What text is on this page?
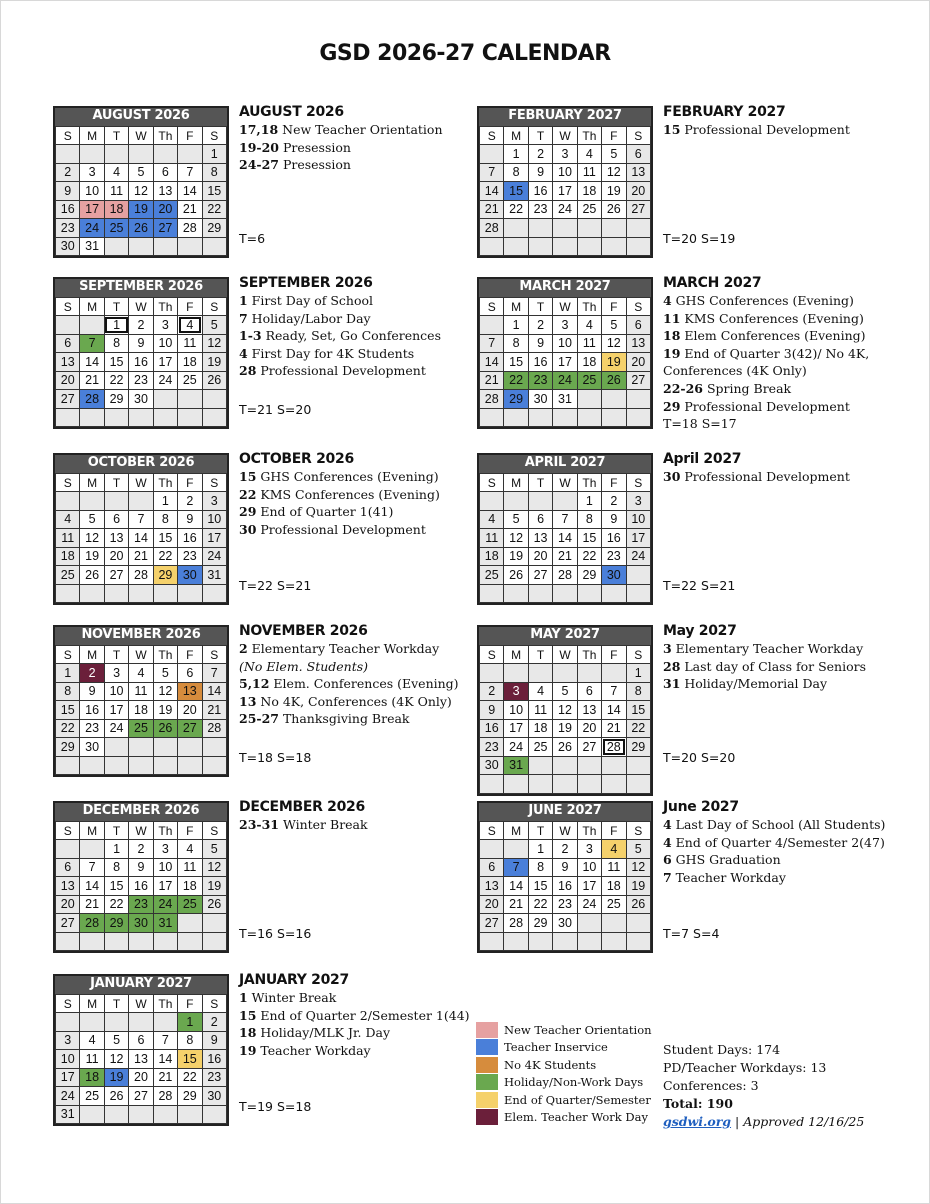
GSD 2026-27 CALENDAR
AUGUST 2026
S	M	T	W	Th	F	S
						1
2	3	4	5	6	7	8
9	10	11	12	13	14	15
16	17	18	19	20	21	22
23	24	25	26	27	28	29
30	31					
AUGUST 2026
17,18 New Teacher Orientation
19-20 Presession
24-27 Presession
T=6
SEPTEMBER 2026
S	M	T	W	Th	F	S
		1	2	3	4	5
6	7	8	9	10	11	12
13	14	15	16	17	18	19
20	21	22	23	24	25	26
27	28	29	30			

SEPTEMBER 2026
1 First Day of School
7 Holiday/Labor Day
1-3 Ready, Set, Go Conferences
4 First Day for 4K Students
28 Professional Development
T=21 S=20
OCTOBER 2026
S	M	T	W	Th	F	S
				1	2	3
4	5	6	7	8	9	10
11	12	13	14	15	16	17
18	19	20	21	22	23	24
25	26	27	28	29	30	31

OCTOBER 2026
15 GHS Conferences (Evening)
22 KMS Conferences (Evening)
29 End of Quarter 1(41)
30 Professional Development
T=22 S=21
NOVEMBER 2026
S	M	T	W	Th	F	S
1	2	3	4	5	6	7
8	9	10	11	12	13	14
15	16	17	18	19	20	21
22	23	24	25	26	27	28
29	30					

NOVEMBER 2026
2 Elementary Teacher Workday
(No Elem. Students)
5,12 Elem. Conferences (Evening)
13 No 4K, Conferences (4K Only)
25-27 Thanksgiving Break
T=18 S=18
DECEMBER 2026
S	M	T	W	Th	F	S
		1	2	3	4	5
6	7	8	9	10	11	12
13	14	15	16	17	18	19
20	21	22	23	24	25	26
27	28	29	30	31		

DECEMBER 2026
23-31 Winter Break
T=16 S=16
JANUARY 2027
S	M	T	W	Th	F	S
					1	2
3	4	5	6	7	8	9
10	11	12	13	14	15	16
17	18	19	20	21	22	23
24	25	26	27	28	29	30
31						
JANUARY 2027
1 Winter Break
15 End of Quarter 2/Semester 1(44)
18 Holiday/MLK Jr. Day
19 Teacher Workday
T=19 S=18
FEBRUARY 2027
S	M	T	W	Th	F	S
	1	2	3	4	5	6
7	8	9	10	11	12	13
14	15	16	17	18	19	20
21	22	23	24	25	26	27
28						

FEBRUARY 2027
15 Professional Development
T=20 S=19
MARCH 2027
S	M	T	W	Th	F	S
	1	2	3	4	5	6
7	8	9	10	11	12	13
14	15	16	17	18	19	20
21	22	23	24	25	26	27
28	29	30	31			

MARCH 2027
4 GHS Conferences (Evening)
11 KMS Conferences (Evening)
18 Elem Conferences (Evening)
19 End of Quarter 3(42)/ No 4K,
Conferences (4K Only)
22-26 Spring Break
29 Professional Development
T=18 S=17
APRIL 2027
S	M	T	W	Th	F	S
				1	2	3
4	5	6	7	8	9	10
11	12	13	14	15	16	17
18	19	20	21	22	23	24
25	26	27	28	29	30	

April 2027
30 Professional Development
T=22 S=21
MAY 2027
S	M	T	W	Th	F	S
						1
2	3	4	5	6	7	8
9	10	11	12	13	14	15
16	17	18	19	20	21	22
23	24	25	26	27	28	29
30	31					

May 2027
3 Elementary Teacher Workday
28 Last day of Class for Seniors
31 Holiday/Memorial Day
T=20 S=20
JUNE 2027
S	M	T	W	Th	F	S
		1	2	3	4	5
6	7	8	9	10	11	12
13	14	15	16	17	18	19
20	21	22	23	24	25	26
27	28	29	30			

June 2027
4 Last Day of School (All Students)
4 End of Quarter 4/Semester 2(47)
6 GHS Graduation
7 Teacher Workday
T=7 S=4
New Teacher Orientation
Teacher Inservice
No 4K Students
Holiday/Non-Work Days
End of Quarter/Semester
Elem. Teacher Work Day
Student Days: 174
PD/Teacher Workdays: 13
Conferences: 3
Total: 190
gsdwi.org | Approved 12/16/25
